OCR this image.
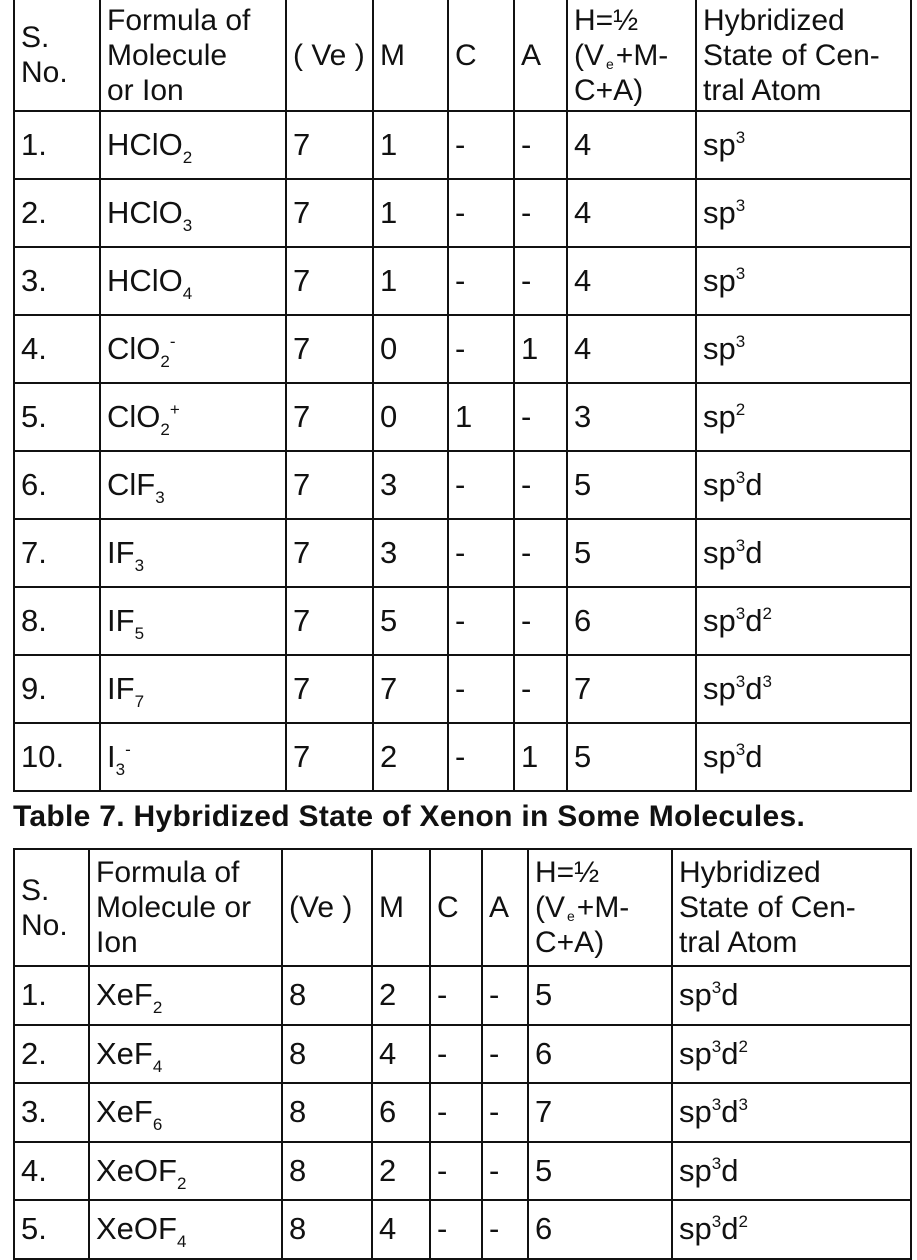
S.
No.	Formula of
Molecule
or Ion	( Ve )	M	C	A	H=½
(V e+M-
C+A)	Hybridized
State of Cen-
tral Atom
1.	HClO$_2$	7	1	-	-	4	$sp^3$
2.	HClO$_3$	7	1	-	-	4	$sp^3$
3.	HClO$_4$	7	1	-	-	4	$sp^3$
4.	ClO$_2$-	7	0	-	1	4	$sp^3$
5.	ClO$_2$+	7	0	1	-	3	$sp^2$
6.	ClF$_3$	7	3	-	-	5	$sp^3d$
7.	$IF_3$	7	3	-	-	5	$sp^3d$
8.	$IF_5$	7	5	-	-	6	$sp^3d^2$
9.	$IF_7$	7	7	-	-	7	$sp^3d^3$
10.	$I_3^-$	7	2	-	1	5	$sp^3d$
Table 7. Hybridized State of Xenon in Some Molecules.
S.
No.	Formula of
Molecule or
Ion	(Ve )	M	C	A	H=½
(V e+M-
C+A)	Hybridized
State of Cen-
tral Atom
1.	XeF$_2$	8	2	-	-	5	$sp^3d$
2.	XeF$_4$	8	4	-	-	6	$sp^3d^2$
3.	XeF$_6$	8	6	-	-	7	$sp^3d^3$
4.	XeOF$_2$	8	2	-	-	5	$sp^3d$
5.	XeOF$_4$	8	4	-	-	6	$sp^3d^2$
